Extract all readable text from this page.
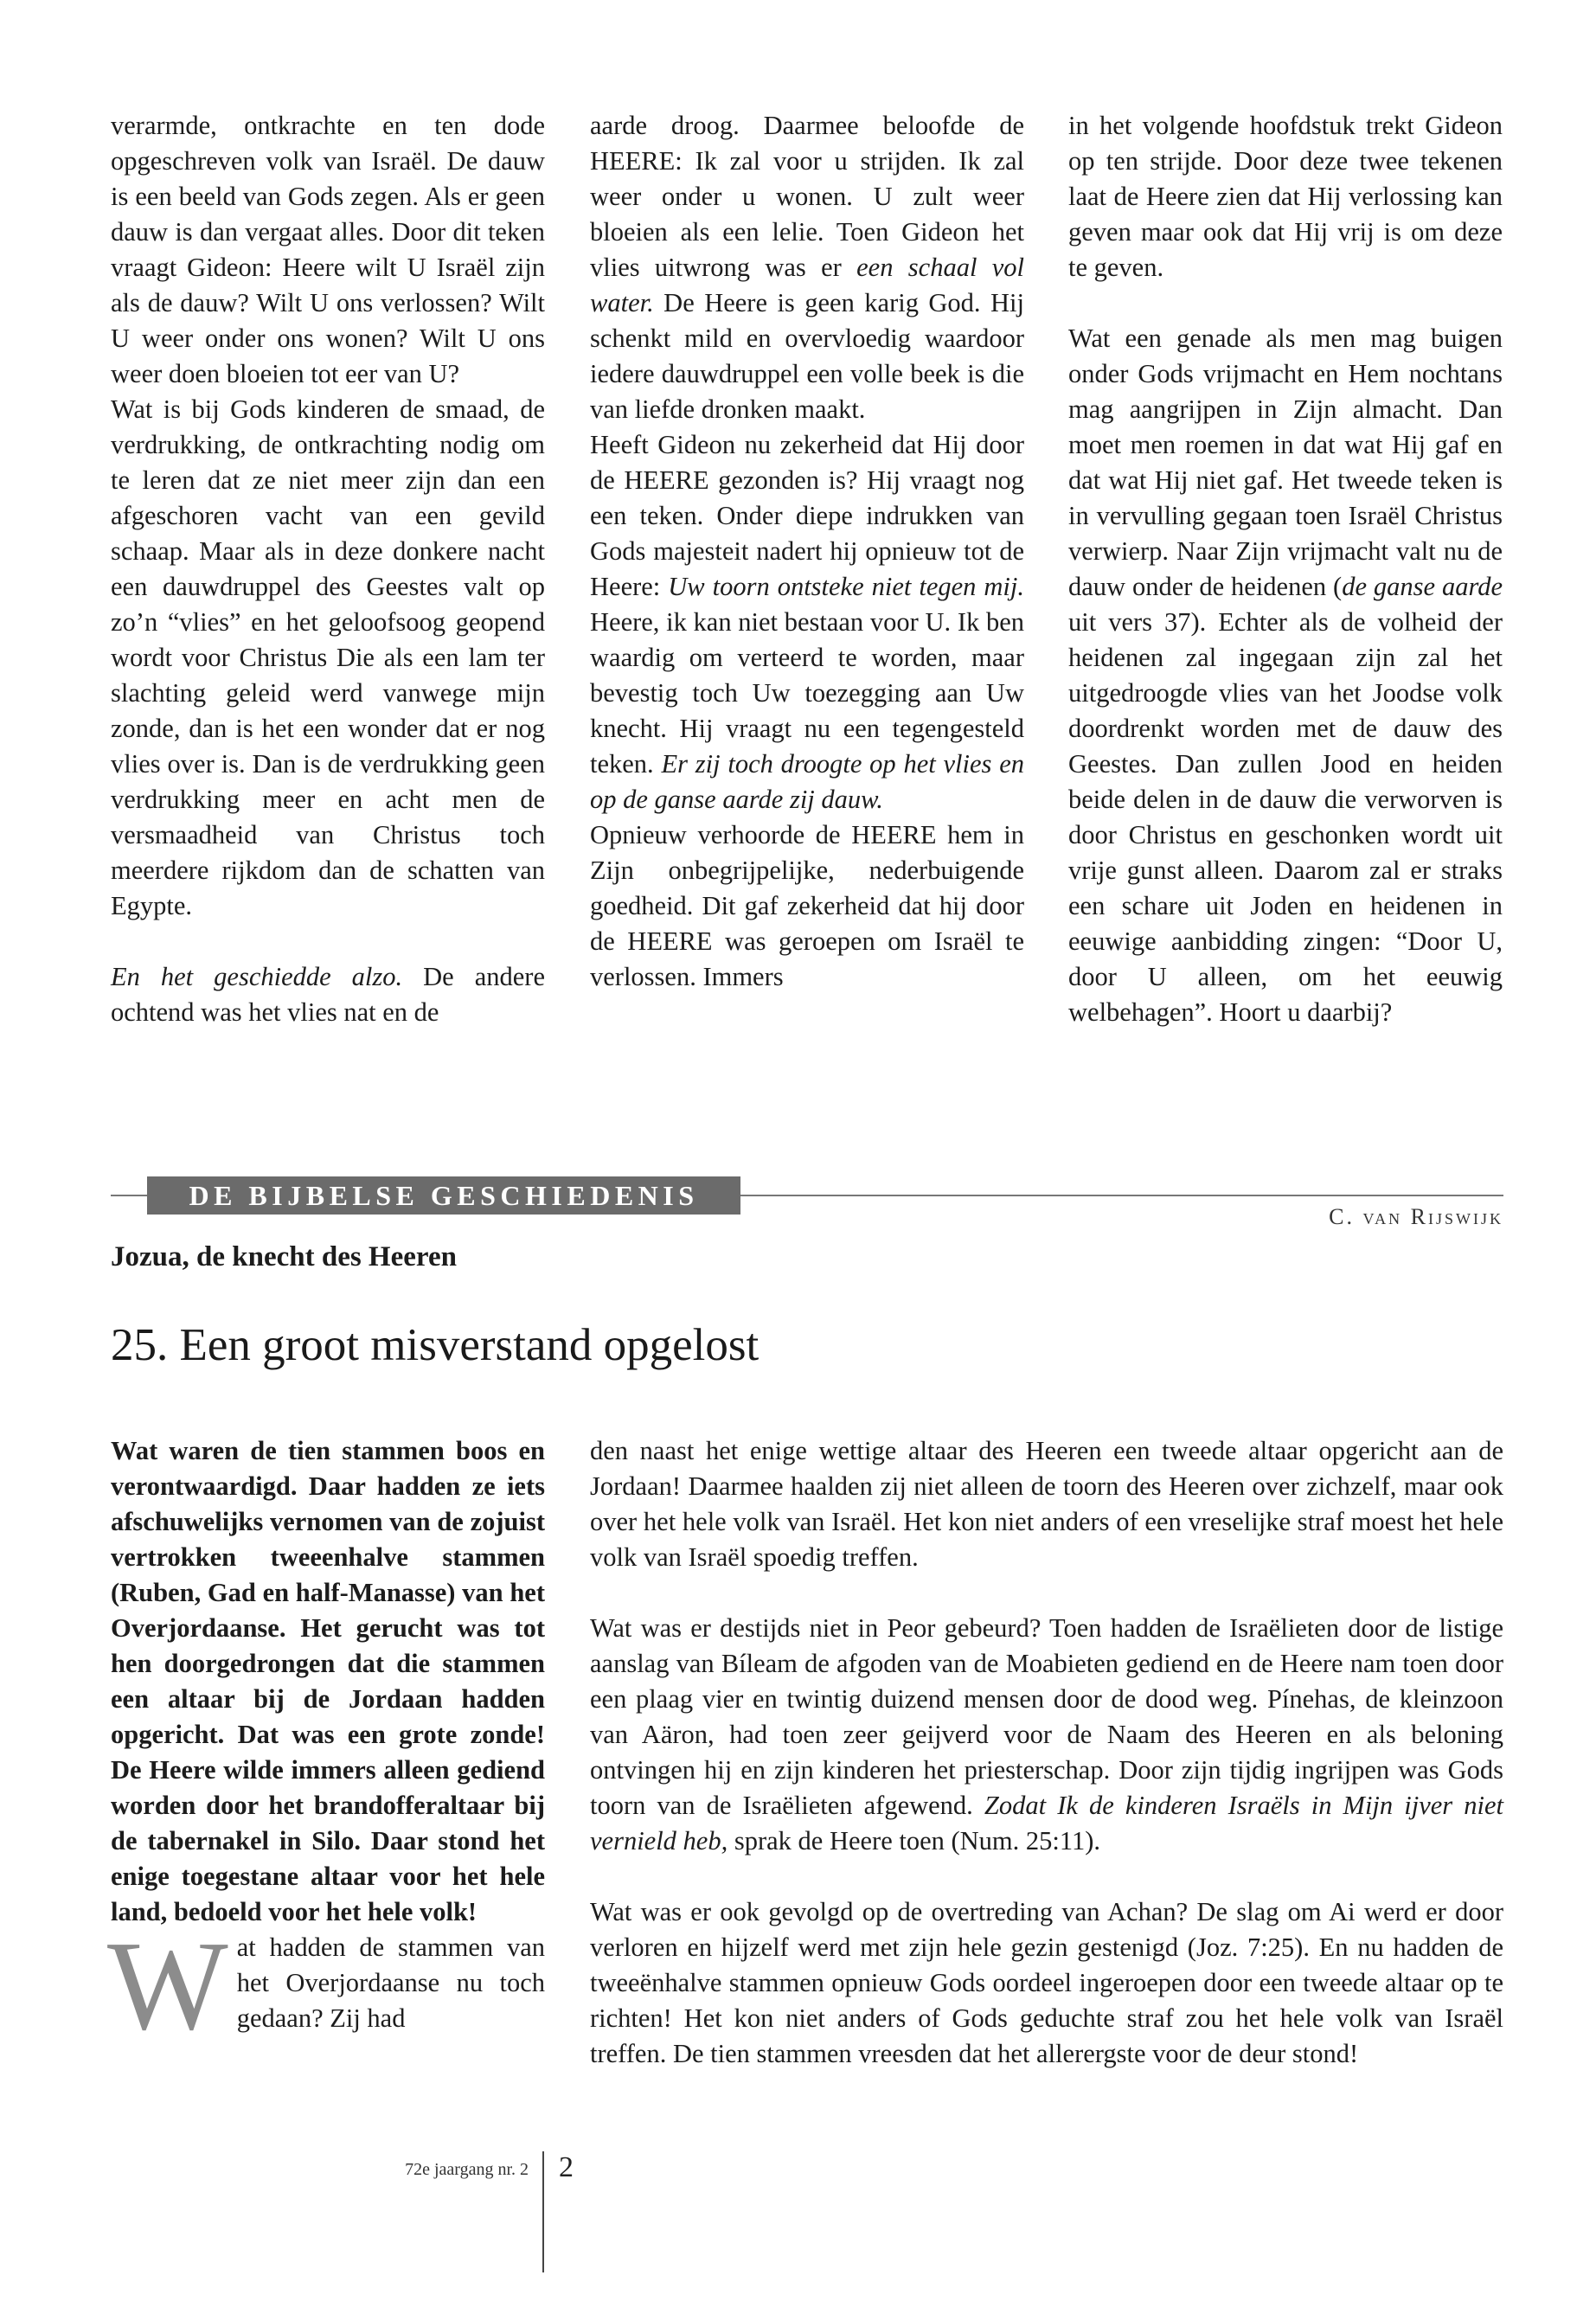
verarmde, ontkrachte en ten dode opgeschreven volk van Israël. De dauw is een beeld van Gods zegen. Als er geen dauw is dan vergaat alles. Door dit teken vraagt Gideon: Heere wilt U Israël zijn als de dauw? Wilt U ons verlossen? Wilt U weer onder ons wonen? Wilt U ons weer doen bloeien tot eer van U?

Wat is bij Gods kinderen de smaad, de verdrukking, de ontkrachting nodig om te leren dat ze niet meer zijn dan een afgeschoren vacht van een gevild schaap. Maar als in deze donkere nacht een dauwdruppel des Geestes valt op zo’n “vlies” en het geloofsoog geopend wordt voor Christus Die als een lam ter slachting geleid werd vanwege mijn zonde, dan is het een wonder dat er nog vlies over is. Dan is de verdrukking geen verdrukking meer en acht men de versmaadheid van Christus toch meerdere rijkdom dan de schatten van Egypte.

En het geschiedde alzo. De andere ochtend was het vlies nat en de

aarde droog. Daarmee beloofde de HEERE: Ik zal voor u strijden. Ik zal weer onder u wonen. U zult weer bloeien als een lelie. Toen Gideon het vlies uitwrong was er een schaal vol water. De Heere is geen karig God. Hij schenkt mild en overvloedig waardoor iedere dauwdruppel een volle beek is die van liefde dronken maakt.

Heeft Gideon nu zekerheid dat Hij door de HEERE gezonden is? Hij vraagt nog een teken. Onder diepe indrukken van Gods majesteit nadert hij opnieuw tot de Heere: Uw toorn ontsteke niet tegen mij. Heere, ik kan niet bestaan voor U. Ik ben waardig om verteerd te worden, maar bevestig toch Uw toezegging aan Uw knecht. Hij vraagt nu een tegengesteld teken. Er zij toch droogte op het vlies en op de ganse aarde zij dauw.

Opnieuw verhoorde de HEERE hem in Zijn onbegrijpelijke, nederbuigende goedheid. Dit gaf zekerheid dat hij door de HEERE was geroepen om Israël te verlossen. Immers

in het volgende hoofdstuk trekt Gideon op ten strijde. Door deze twee tekenen laat de Heere zien dat Hij verlossing kan geven maar ook dat Hij vrij is om deze te geven.

Wat een genade als men mag buigen onder Gods vrijmacht en Hem nochtans mag aangrijpen in Zijn almacht. Dan moet men roemen in dat wat Hij gaf en dat wat Hij niet gaf. Het tweede teken is in vervulling gegaan toen Israël Christus verwierp. Naar Zijn vrijmacht valt nu de dauw onder de heidenen (de ganse aarde uit vers 37). Echter als de volheid der heidenen zal ingegaan zijn zal het uitgedroogde vlies van het Joodse volk doordrenkt worden met de dauw des Geestes. Dan zullen Jood en heiden beide delen in de dauw die verworven is door Christus en geschonken wordt uit vrije gunst alleen. Daarom zal er straks een schare uit Joden en heidenen in eeuwige aanbidding zingen: “Door U, door U alleen, om het eeuwig welbehagen”. Hoort u daarbij?

DE BIJBELSE GESCHIEDENIS
C. van Rijswijk
Jozua, de knecht des Heeren
25. Een groot misverstand opgelost

Wat waren de tien stammen boos en verontwaardigd. Daar hadden ze iets afschuwelijks vernomen van de zojuist vertrokken tweeenhalve stammen (Ruben, Gad en half-Manasse) van het Overjordaanse. Het gerucht was tot hen doorgedrongen dat die stammen een altaar bij de Jordaan hadden opgericht. Dat was een grote zonde! De Heere wilde immers alleen gediend worden door het brandofferaltaar bij de tabernakel in Silo. Daar stond het enige toegestane altaar voor het hele land, bedoeld voor het hele volk!

Wat hadden de stammen van het Overjordaanse nu toch gedaan? Zij had

den naast het enige wettige altaar des Heeren een tweede altaar opgericht aan de Jordaan! Daarmee haalden zij niet alleen de toorn des Heeren over zichzelf, maar ook over het hele volk van Israël. Het kon niet anders of een vreselijke straf moest het hele volk van Israël spoedig treffen.

Wat was er destijds niet in Peor gebeurd? Toen hadden de Israëlieten door de listige aanslag van Bíleam de afgoden van de Moabieten gediend en de Heere nam toen door een plaag vier en twintig duizend mensen door de dood weg. Pínehas, de kleinzoon van Aäron, had toen zeer geijverd voor de Naam des Heeren en als beloning ontvingen hij en zijn kinderen het priesterschap. Door zijn tijdig ingrijpen was Gods toorn van de Israëlieten afgewend. Zodat Ik de kinderen Israëls in Mijn ijver niet vernield heb, sprak de Heere toen (Num. 25:11).

Wat was er ook gevolgd op de overtreding van Achan? De slag om Ai werd er door verloren en hijzelf werd met zijn hele gezin gestenigd (Joz. 7:25). En nu hadden de tweeënhalve stammen opnieuw Gods oordeel ingeroepen door een tweede altaar op te richten! Het kon niet anders of Gods geduchte straf zou het hele volk van Israël treffen. De tien stammen vreesden dat het allerergste voor de deur stond!

72e jaargang nr. 2 2
